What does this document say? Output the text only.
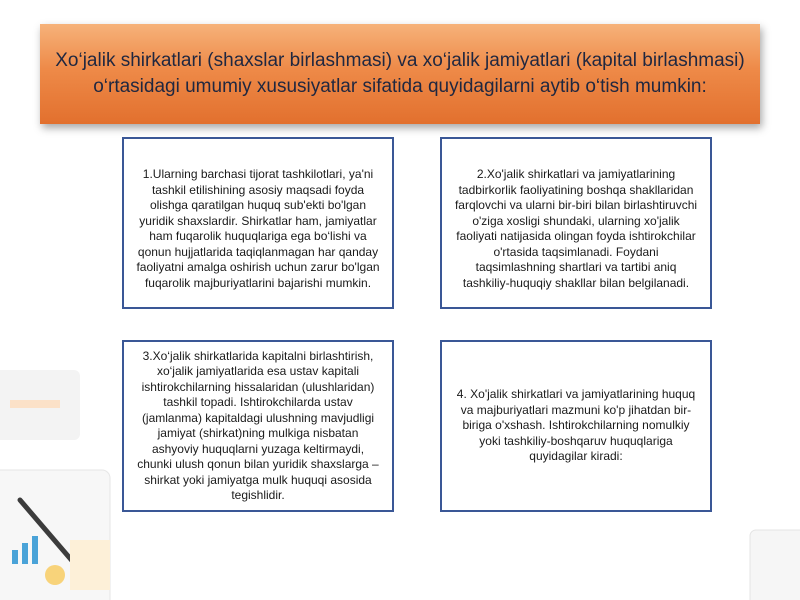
Xo‘jalik shirkatlari (shaxslar birlashmasi) va xo‘jalik jamiyatlari (kapital birlashmasi) o‘rtasidagi umumiy xususiyatlar sifatida quyidagilarni aytib o‘tish mumkin:

1.Ularning barchasi tijorat tashkilotlari, ya'ni tashkil etilishining asosiy maqsadi foyda olishga qaratilgan huquq sub'ekti bo'lgan yuridik shaxslardir. Shirkatlar ham, jamiyatlar ham fuqarolik huquqlariga ega bo‘lishi va qonun hujjatlarida taqiqlanmagan har qanday faoliyatni amalga oshirish uchun zarur bo'lgan fuqarolik majburiyatlarini bajarishi mumkin.

2.Xo'jalik shirkatlari va jamiyatlarining tadbirkorlik faoliyatining boshqa shakllaridan farqlovchi va ularni bir-biri bilan birlashtiruvchi o'ziga xosligi shundaki, ularning xo'jalik faoliyati natijasida olingan foyda ishtirokchilar o'rtasida taqsimlanadi. Foydani taqsimlashning shartlari va tartibi aniq tashkiliy-huquqiy shakllar bilan belgilanadi.

3.Xo‘jalik shirkatlarida kapitalni birlashtirish, xo‘jalik jamiyatlarida esa ustav kapitali ishtirokchilarning hissalaridan (ulushlaridan) tashkil topadi. Ishtirokchilarda ustav (jamlanma) kapitaldagi ulushning mavjudligi jamiyat (shirkat)ning mulkiga nisbatan ashyoviy huquqlarni yuzaga keltirmaydi, chunki ulush qonun bilan yuridik shaxslarga – shirkat yoki jamiyatga mulk huquqi asosida tegishlidir.

4. Xo'jalik shirkatlari va jamiyatlarining huquq va majburiyatlari mazmuni ko'p jihatdan bir-biriga o'xshash. Ishtirokchilarning nomulkiy yoki tashkiliy-boshqaruv huquqlariga quyidagilar kiradi:
